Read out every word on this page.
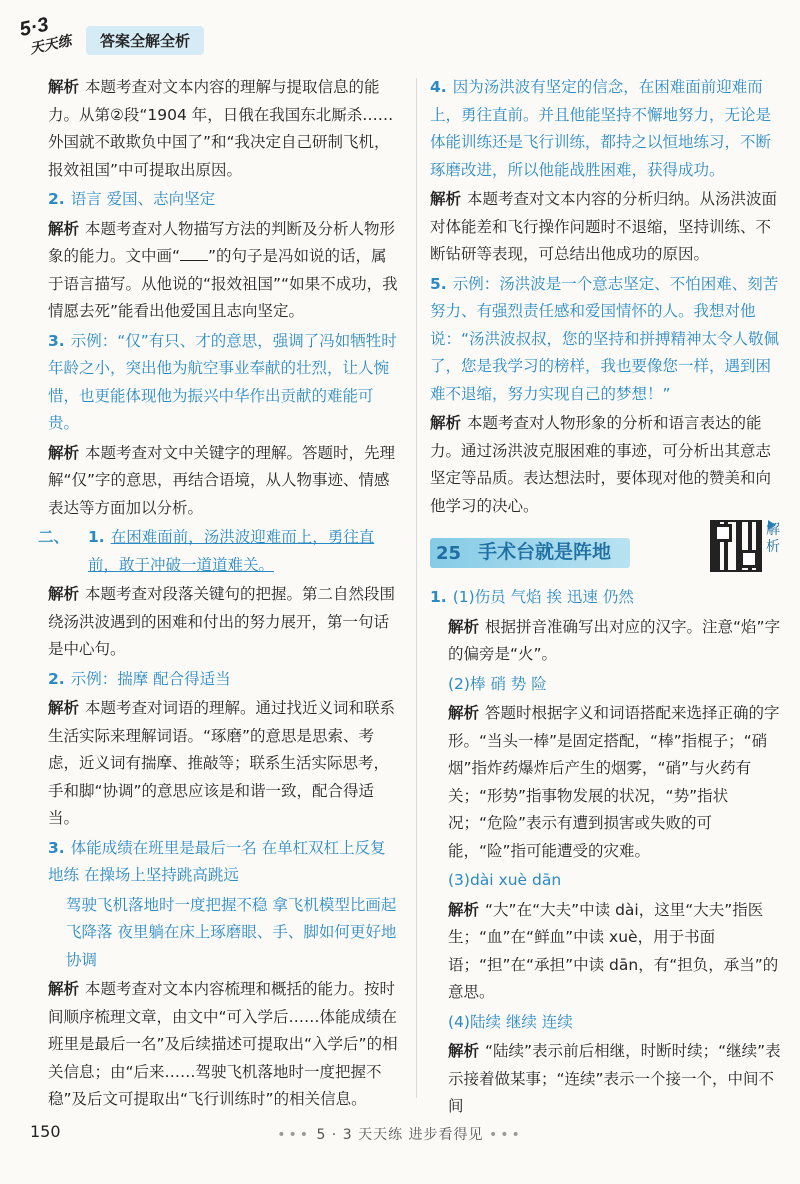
5·3
天天练	答案全解全析
解析 本题考查对文本内容的理解与提取信息的能力。从第②段“1904 年，日俄在我国东北厮杀……外国就不敢欺负中国了”和“我决定自己研制飞机，报效祖国”中可提取出原因。
2. 语言 爱国、志向坚定
解析 本题考查对人物描写方法的判断及分析人物形象的能力。文中画“ ”的句子是冯如说的话，属于语言描写。从他说的“报效祖国”“如果不成功，我情愿去死”能看出他爱国且志向坚定。
3. 示例：“仅”有只、才的意思，强调了冯如牺牲时年龄之小，突出他为航空事业奉献的壮烈，让人惋惜，也更能体现他为振兴中华作出贡献的难能可贵。
解析 本题考查对文中关键字的理解。答题时，先理解“仅”字的意思，再结合语境，从人物事迹、情感表达等方面加以分析。
二、 1. 在困难面前，汤洪波迎难而上，勇往直前，敢于冲破一道道难关。
解析 本题考查对段落关键句的把握。第二自然段围绕汤洪波遇到的困难和付出的努力展开，第一句话是中心句。
2. 示例：揣摩 配合得适当
解析 本题考查对词语的理解。通过找近义词和联系生活实际来理解词语。“琢磨”的意思是思索、考虑，近义词有揣摩、推敲等；联系生活实际思考，手和脚“协调”的意思应该是和谐一致，配合得适当。
3. 体能成绩在班里是最后一名 在单杠双杠上反复地练 在操场上坚持跳高跳远
驾驶飞机落地时一度把握不稳 拿飞机模型比画起飞降落 夜里躺在床上琢磨眼、手、脚如何更好地协调
解析 本题考查对文本内容梳理和概括的能力。按时间顺序梳理文章，由文中“可入学后……体能成绩在班里是最后一名”及后续描述可提取出“入学后”的相关信息；由“后来……驾驶飞机落地时一度把握不稳”及后文可提取出“飞行训练时”的相关信息。
4. 因为汤洪波有坚定的信念，在困难面前迎难而上，勇往直前。并且他能坚持不懈地努力，无论是体能训练还是飞行训练，都持之以恒地练习，不断琢磨改进，所以他能战胜困难，获得成功。
解析 本题考查对文本内容的分析归纳。从汤洪波面对体能差和飞行操作问题时不退缩，坚持训练、不断钻研等表现，可总结出他成功的原因。
5. 示例：汤洪波是一个意志坚定、不怕困难、刻苦努力、有强烈责任感和爱国情怀的人。我想对他说：“汤洪波叔叔，您的坚持和拼搏精神太令人敬佩了，您是我学习的榜样，我也要像您一样，遇到困难不退缩，努力实现自己的梦想！”
解析 本题考查对人物形象的分析和语言表达的能力。通过汤洪波克服困难的事迹，可分析出其意志坚定等品质。表达想法时，要体现对他的赞美和向他学习的决心。
25 手术台就是阵地
解析
1. (1)伤员 气焰 挨 迅速 仍然
解析 根据拼音准确写出对应的汉字。注意“焰”字的偏旁是“火”。
(2)棒 硝 势 险
解析 答题时根据字义和词语搭配来选择正确的字形。“当头一棒”是固定搭配，“棒”指棍子；“硝烟”指炸药爆炸后产生的烟雾，“硝”与火药有关；“形势”指事物发展的状况，“势”指状况；“危险”表示有遭到损害或失败的可能，“险”指可能遭受的灾难。
(3)dài xuè dān
解析 “大”在“大夫”中读 dài，这里“大夫”指医生；“血”在“鲜血”中读 xuè，用于书面语；“担”在“承担”中读 dān，有“担负，承当”的意思。
(4)陆续 继续 连续
解析 “陆续”表示前后相继，时断时续；“继续”表示接着做某事；“连续”表示一个接一个，中间不间
150	••• 5 · 3 天天练 进步看得见 •••
